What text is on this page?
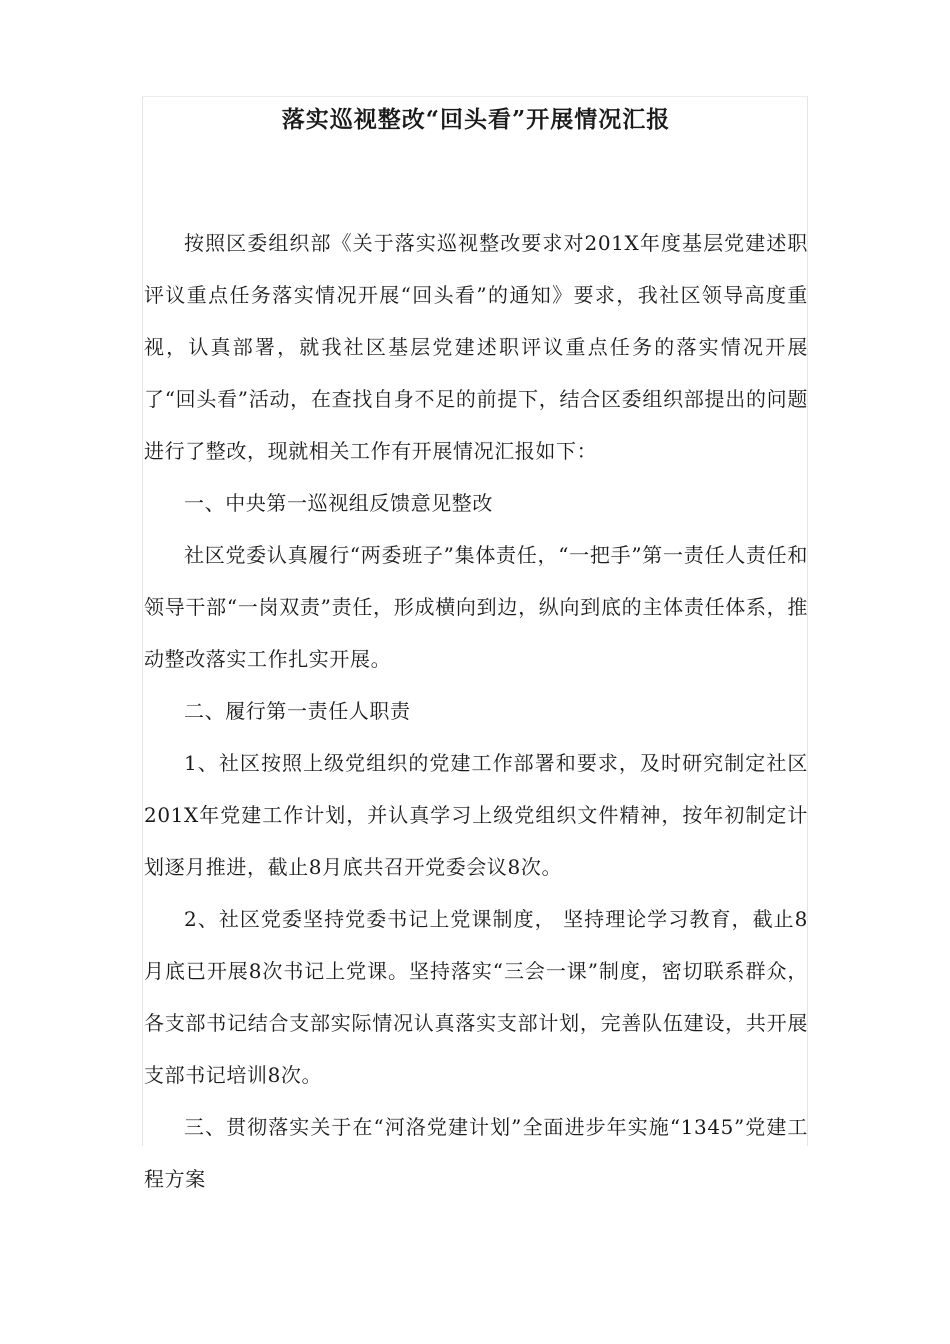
落实巡视整改“回头看”开展情况汇报

按照区委组织部《关于落实巡视整改要求对201X年度基层党建述职评议重点任务落实情况开展“回头看”的通知》要求，我社区领导高度重视，认真部署，就我社区基层党建述职评议重点任务的落实情况开展了“回头看”活动，在查找自身不足的前提下，结合区委组织部提出的问题进行了整改，现就相关工作有开展情况汇报如下：

一、中央第一巡视组反馈意见整改

社区党委认真履行“两委班子”集体责任，“一把手”第一责任人责任和领导干部“一岗双责”责任，形成横向到边，纵向到底的主体责任体系，推动整改落实工作扎实开展。

二、履行第一责任人职责

1、社区按照上级党组织的党建工作部署和要求，及时研究制定社区201X年党建工作计划，并认真学习上级党组织文件精神，按年初制定计划逐月推进，截止8月底共召开党委会议8次。

2、社区党委坚持党委书记上党课制度， 坚持理论学习教育，截止8月底已开展8次书记上党课。坚持落实“三会一课”制度，密切联系群众，各支部书记结合支部实际情况认真落实支部计划，完善队伍建设，共开展支部书记培训8次。

三、贯彻落实关于在“河洛党建计划”全面进步年实施“1345”党建工程方案
